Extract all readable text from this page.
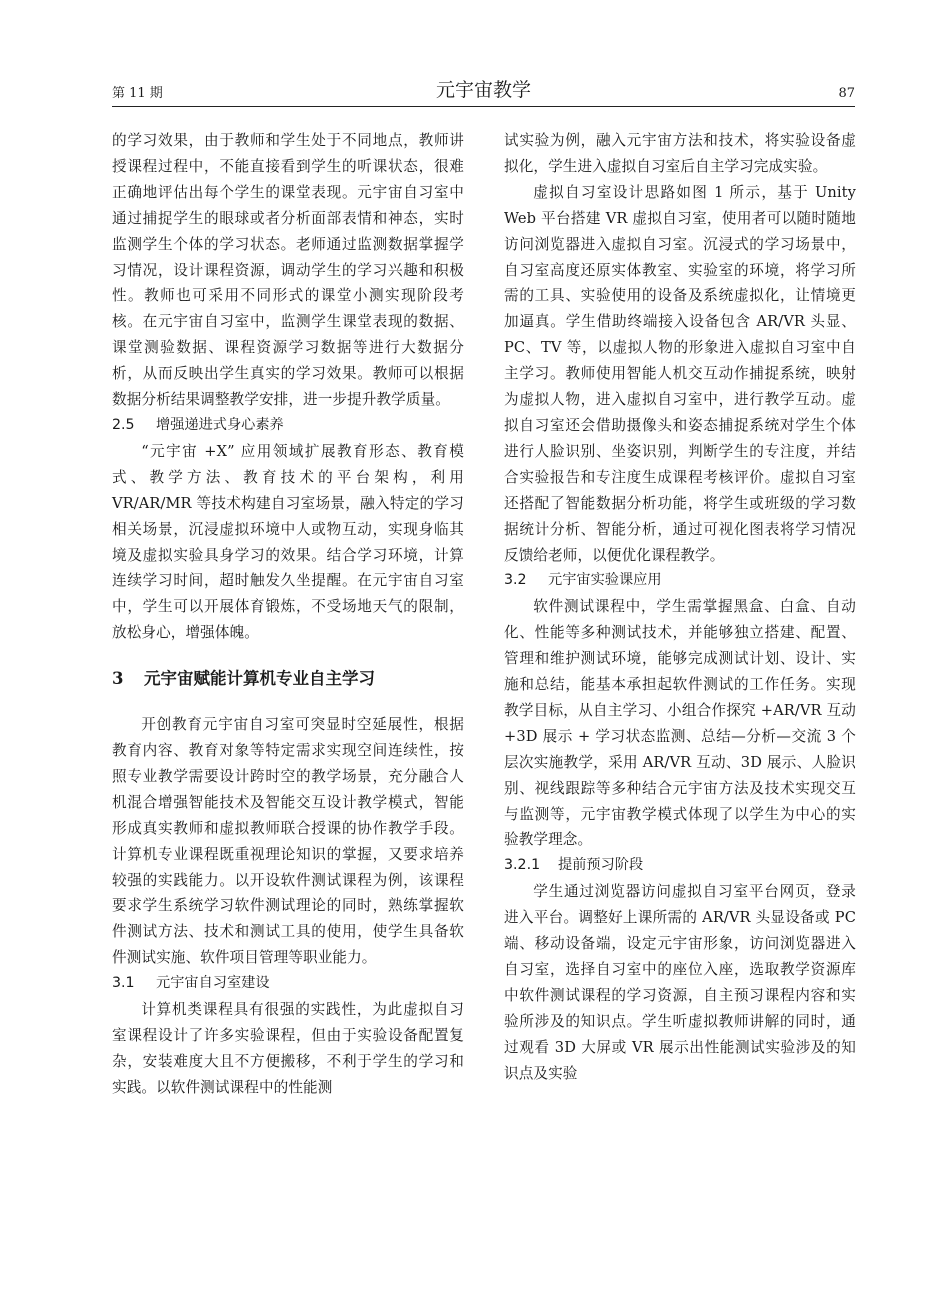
第 11 期	元宇宙教学	87

的学习效果，由于教师和学生处于不同地点，教师讲授课程过程中，不能直接看到学生的听课状态，很难正确地评估出每个学生的课堂表现。元宇宙自习室中通过捕捉学生的眼球或者分析面部表情和神态，实时监测学生个体的学习状态。老师通过监测数据掌握学习情况，设计课程资源，调动学生的学习兴趣和积极性。教师也可采用不同形式的课堂小测实现阶段考核。在元宇宙自习室中，监测学生课堂表现的数据、课堂测验数据、课程资源学习数据等进行大数据分析，从而反映出学生真实的学习效果。教师可以根据数据分析结果调整教学安排，进一步提升教学质量。

2.5 增强递进式身心素养

“元宇宙 +X” 应用领域扩展教育形态、教育模式、教学方法、教育技术的平台架构，利用 VR/AR/MR 等技术构建自习室场景，融入特定的学习相关场景，沉浸虚拟环境中人或物互动，实现身临其境及虚拟实验具身学习的效果。结合学习环境，计算连续学习时间，超时触发久坐提醒。在元宇宙自习室中，学生可以开展体育锻炼，不受场地天气的限制，放松身心，增强体魄。

3 元宇宙赋能计算机专业自主学习

开创教育元宇宙自习室可突显时空延展性，根据教育内容、教育对象等特定需求实现空间连续性，按照专业教学需要设计跨时空的教学场景，充分融合人机混合增强智能技术及智能交互设计教学模式，智能形成真实教师和虚拟教师联合授课的协作教学手段。计算机专业课程既重视理论知识的掌握，又要求培养较强的实践能力。以开设软件测试课程为例，该课程要求学生系统学习软件测试理论的同时，熟练掌握软件测试方法、技术和测试工具的使用，使学生具备软件测试实施、软件项目管理等职业能力。

3.1 元宇宙自习室建设

计算机类课程具有很强的实践性，为此虚拟自习室课程设计了许多实验课程，但由于实验设备配置复杂，安装难度大且不方便搬移，不利于学生的学习和实践。以软件测试课程中的性能测

试实验为例，融入元宇宙方法和技术，将实验设备虚拟化，学生进入虚拟自习室后自主学习完成实验。

虚拟自习室设计思路如图 1 所示，基于 Unity Web 平台搭建 VR 虚拟自习室，使用者可以随时随地访问浏览器进入虚拟自习室。沉浸式的学习场景中，自习室高度还原实体教室、实验室的环境，将学习所需的工具、实验使用的设备及系统虚拟化，让情境更加逼真。学生借助终端接入设备包含 AR/VR 头显、PC、TV 等，以虚拟人物的形象进入虚拟自习室中自主学习。教师使用智能人机交互动作捕捉系统，映射为虚拟人物，进入虚拟自习室中，进行教学互动。虚拟自习室还会借助摄像头和姿态捕捉系统对学生个体进行人脸识别、坐姿识别，判断学生的专注度，并结合实验报告和专注度生成课程考核评价。虚拟自习室还搭配了智能数据分析功能，将学生或班级的学习数据统计分析、智能分析，通过可视化图表将学习情况反馈给老师，以便优化课程教学。

3.2 元宇宙实验课应用

软件测试课程中，学生需掌握黑盒、白盒、自动化、性能等多种测试技术，并能够独立搭建、配置、管理和维护测试环境，能够完成测试计划、设计、实施和总结，能基本承担起软件测试的工作任务。实现教学目标，从自主学习、小组合作探究 +AR/VR 互动 +3D 展示 + 学习状态监测、总结—分析—交流 3 个层次实施教学，采用 AR/VR 互动、3D 展示、人脸识别、视线跟踪等多种结合元宇宙方法及技术实现交互与监测等，元宇宙教学模式体现了以学生为中心的实验教学理念。

3.2.1 提前预习阶段

学生通过浏览器访问虚拟自习室平台网页，登录进入平台。调整好上课所需的 AR/VR 头显设备或 PC 端、移动设备端，设定元宇宙形象，访问浏览器进入自习室，选择自习室中的座位入座，选取教学资源库中软件测试课程的学习资源，自主预习课程内容和实验所涉及的知识点。学生听虚拟教师讲解的同时，通过观看 3D 大屏或 VR 展示出性能测试实验涉及的知识点及实验
